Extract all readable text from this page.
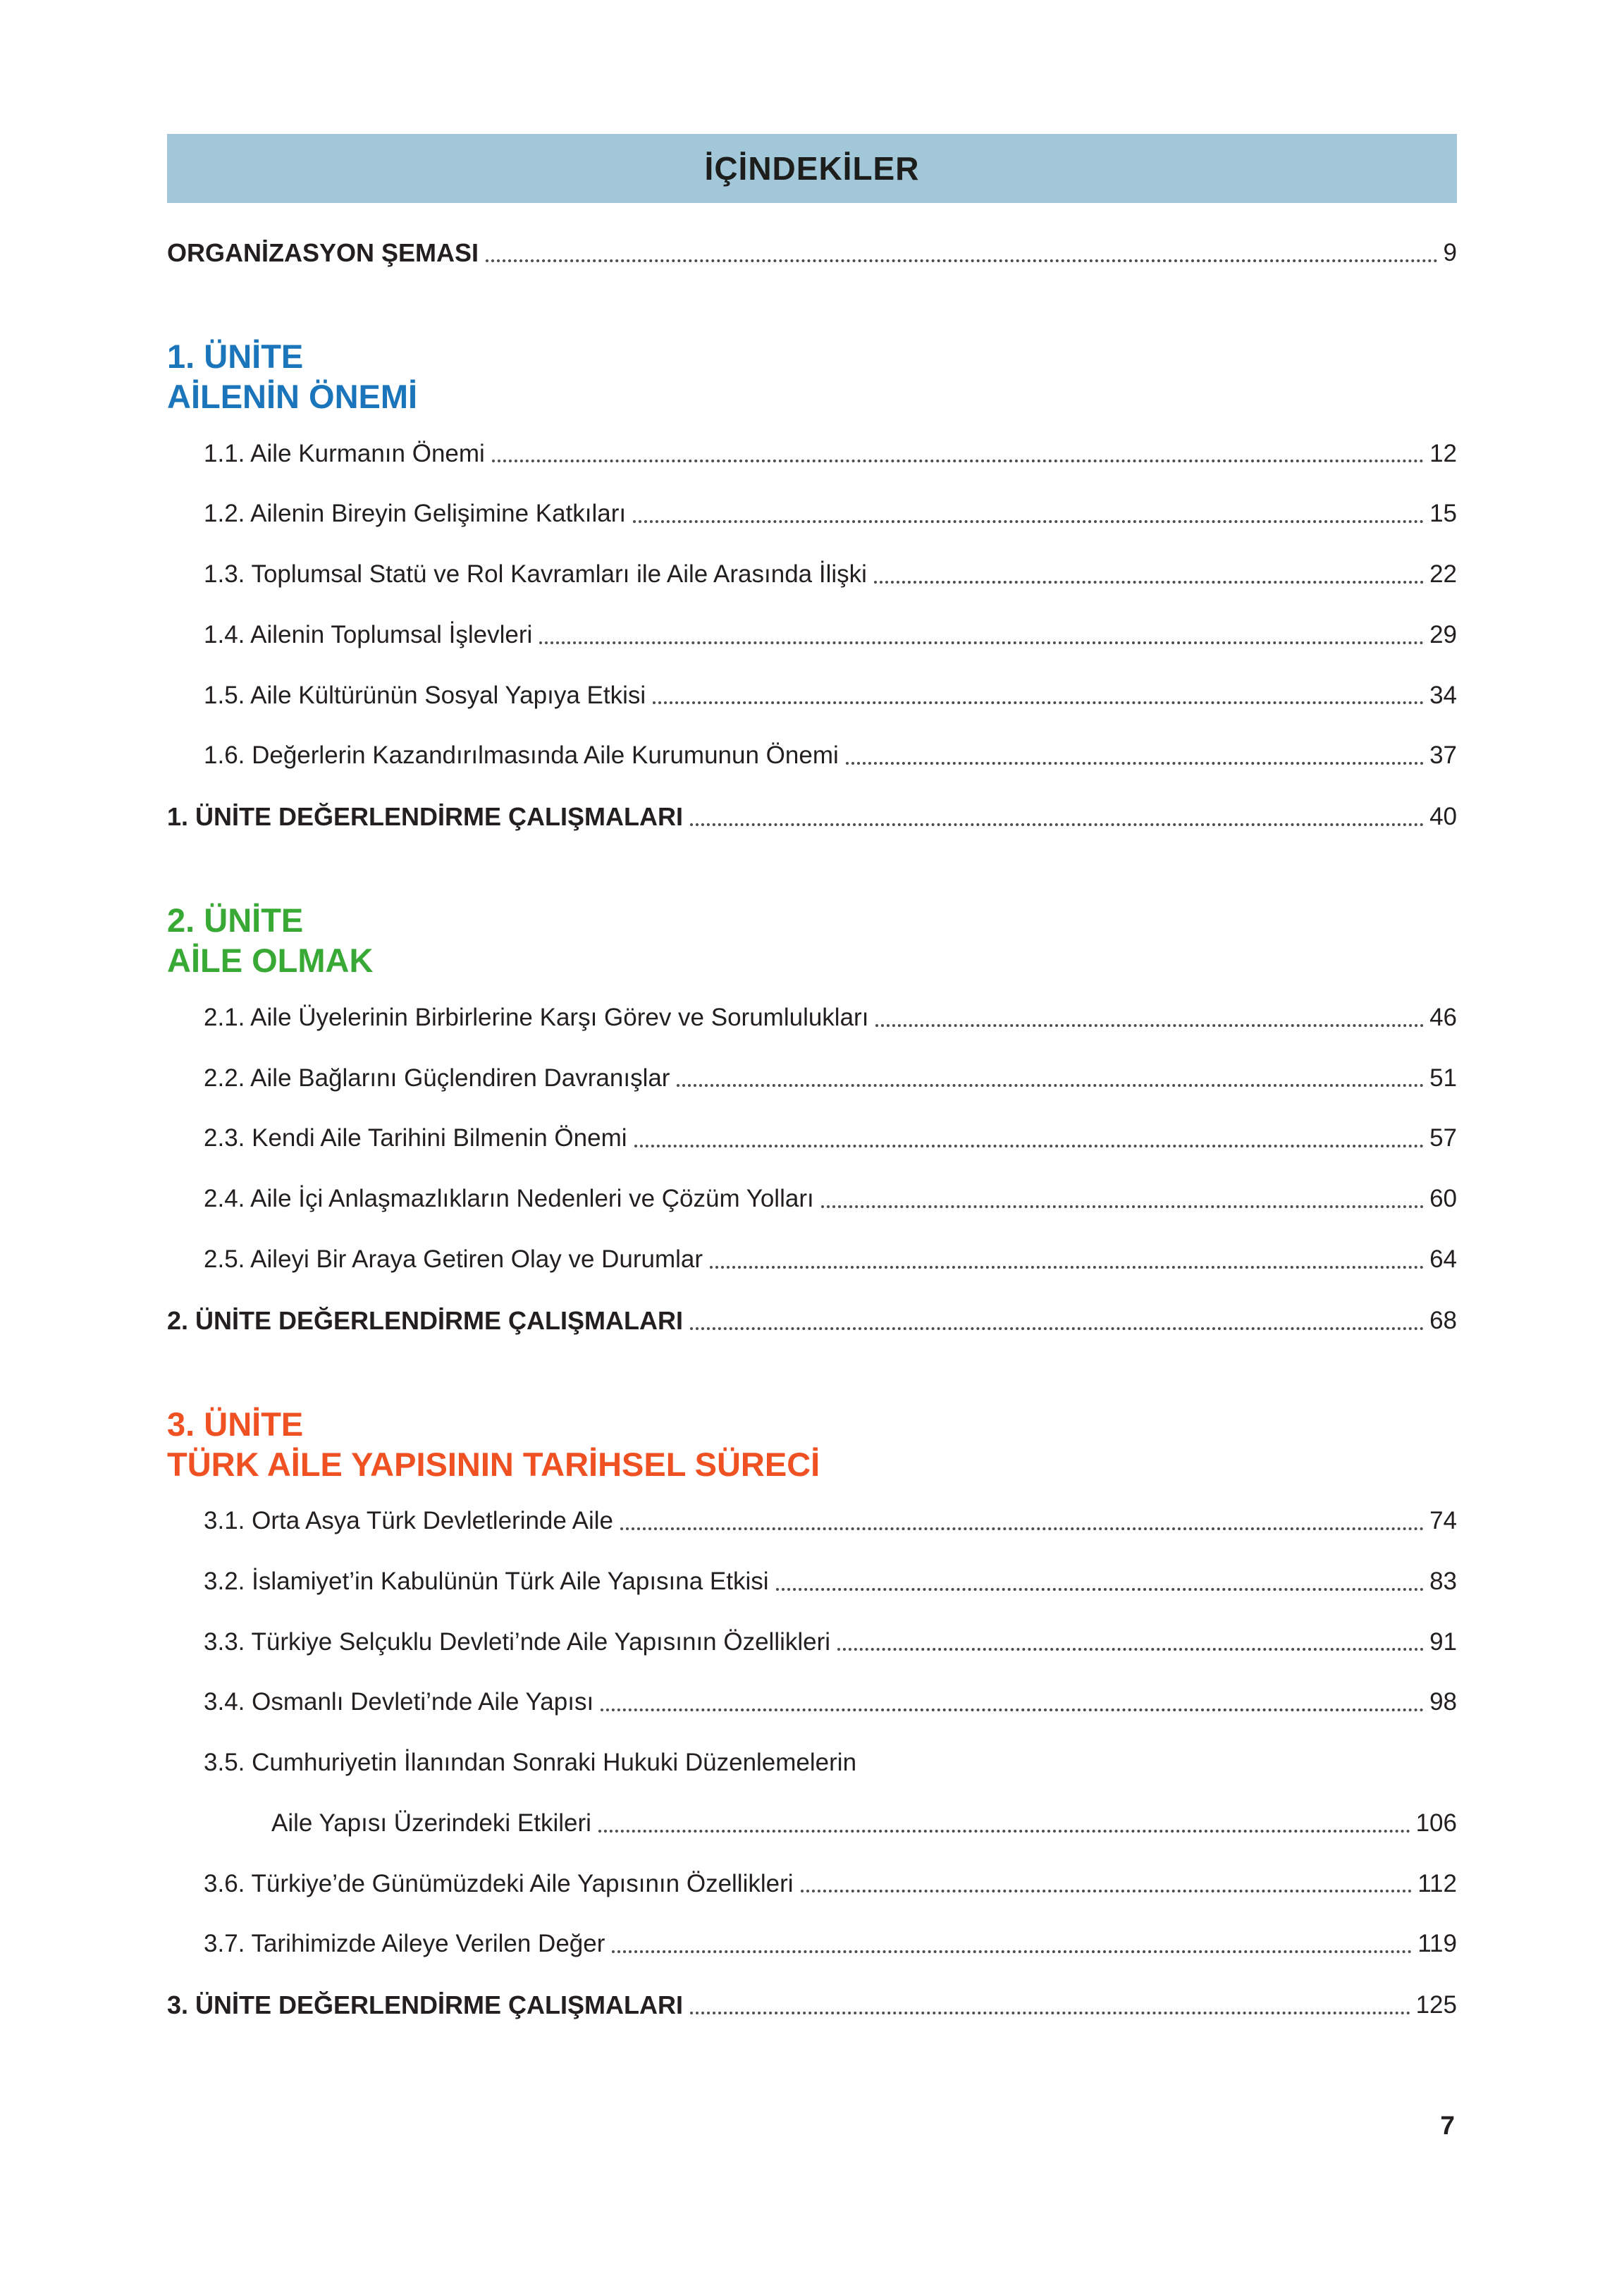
İÇİNDEKİLER
ORGANİZASYON ŞEMASI	9
1. ÜNİTE
AİLENİN ÖNEMİ
1.1. Aile Kurmanın Önemi	12
1.2. Ailenin Bireyin Gelişimine Katkıları	15
1.3. Toplumsal Statü ve Rol Kavramları ile Aile Arasında İlişki	22
1.4. Ailenin Toplumsal İşlevleri	29
1.5. Aile Kültürünün Sosyal Yapıya Etkisi	34
1.6. Değerlerin Kazandırılmasında Aile Kurumunun Önemi	37
1. ÜNİTE DEĞERLENDİRME ÇALIŞMALARI	40
2. ÜNİTE
AİLE OLMAK
2.1. Aile Üyelerinin Birbirlerine Karşı Görev ve Sorumlulukları	46
2.2. Aile Bağlarını Güçlendiren Davranışlar	51
2.3. Kendi Aile Tarihini Bilmenin Önemi	57
2.4. Aile İçi Anlaşmazlıkların Nedenleri ve Çözüm Yolları	60
2.5. Aileyi Bir Araya Getiren Olay ve Durumlar	64
2. ÜNİTE DEĞERLENDİRME ÇALIŞMALARI	68
3. ÜNİTE
TÜRK AİLE YAPISININ TARİHSEL SÜRECİ
3.1. Orta Asya Türk Devletlerinde Aile	74
3.2. İslamiyet’in Kabulünün Türk Aile Yapısına Etkisi	83
3.3. Türkiye Selçuklu Devleti’nde Aile Yapısının Özellikleri	91
3.4. Osmanlı Devleti’nde Aile Yapısı	98
3.5. Cumhuriyetin İlanından Sonraki Hukuki Düzenlemelerin
Aile Yapısı Üzerindeki Etkileri	106
3.6. Türkiye’de Günümüzdeki Aile Yapısının Özellikleri	112
3.7. Tarihimizde Aileye Verilen Değer	119
3. ÜNİTE DEĞERLENDİRME ÇALIŞMALARI	125
7
